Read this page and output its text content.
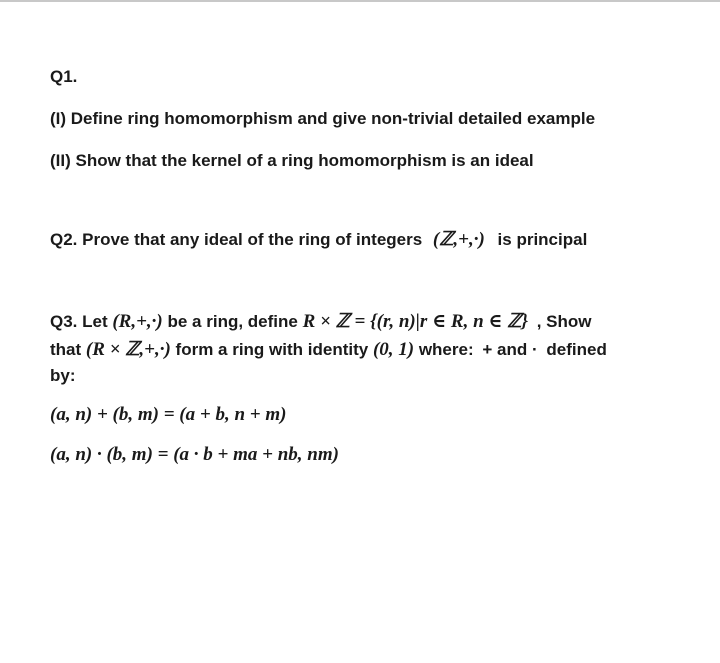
Q1.
(I) Define ring homomorphism and give non-trivial detailed example
(II) Show that the kernel of a ring homomorphism is an ideal
Q2. Prove that any ideal of the ring of integers (ℤ,+,·) is principal
Q3. Let (R,+,·) be a ring, define R × ℤ = {(r, n)|r ∈ R, n ∈ ℤ} , Show
that (R × ℤ,+,·) form a ring with identity (0, 1) where: + and · defined
by:
(a, n) + (b, m) = (a + b, n + m)
(a, n) · (b, m) = (a · b + ma + nb, nm)
